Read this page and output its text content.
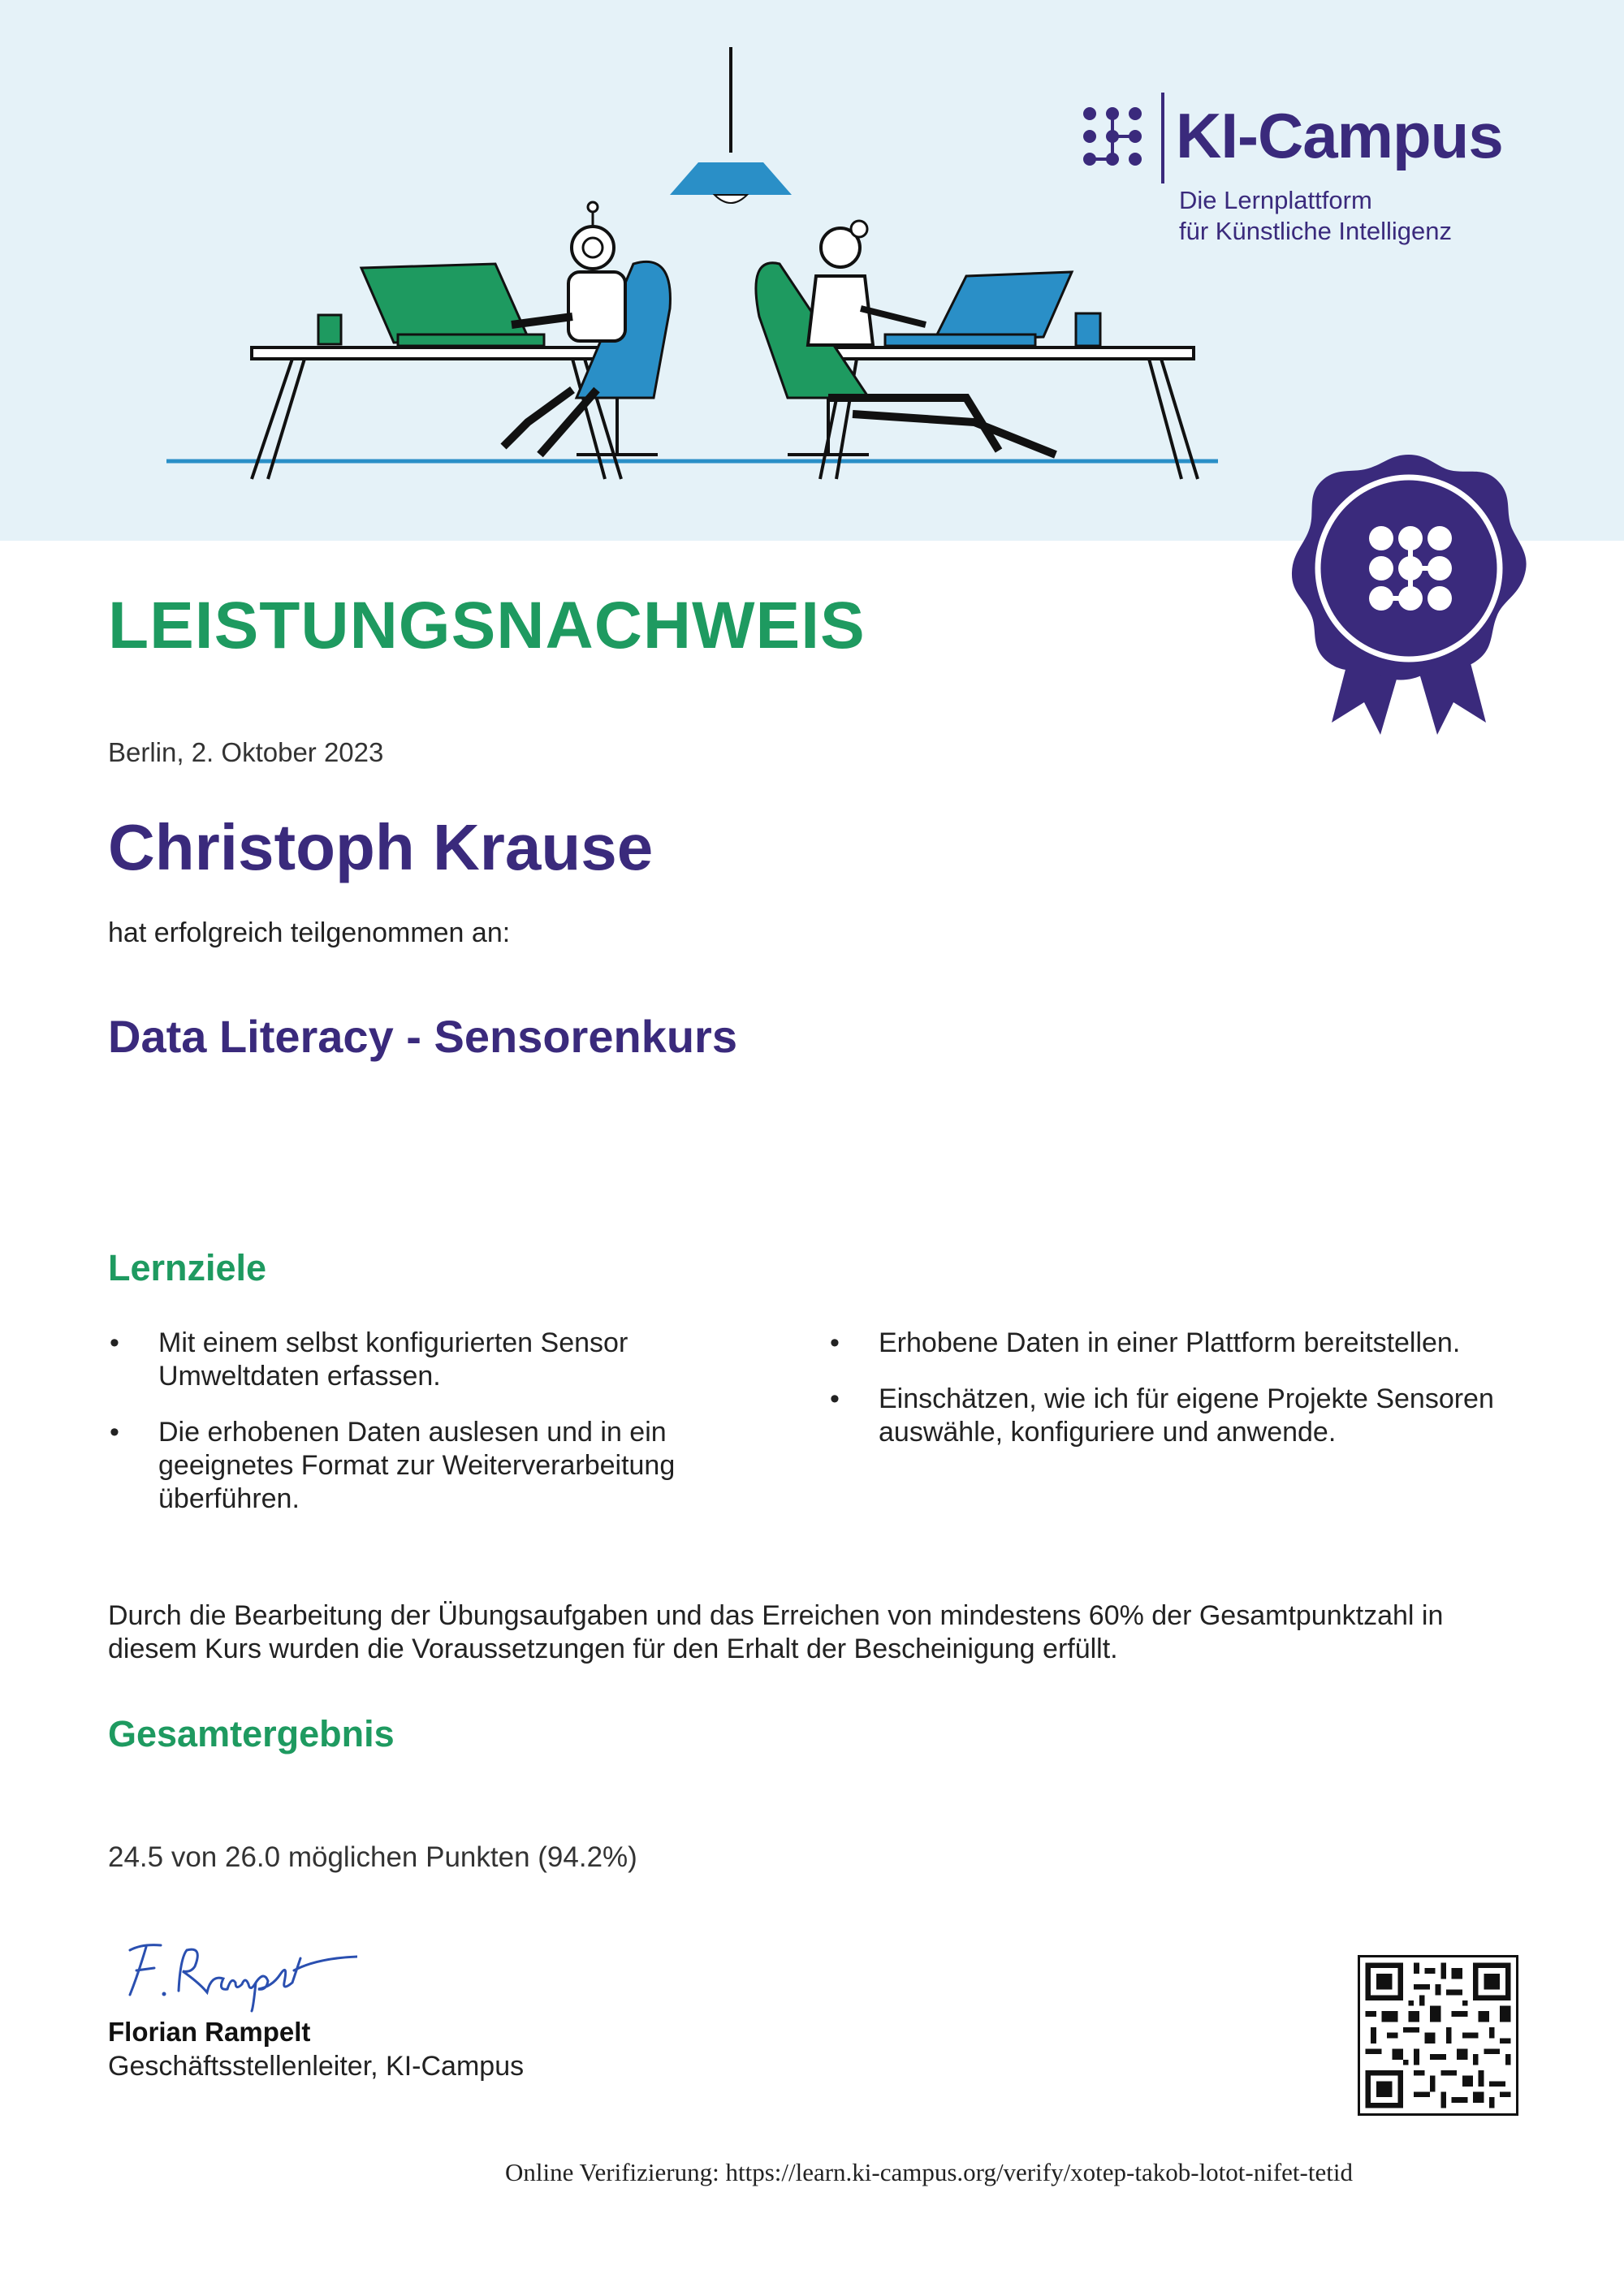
KI-Campus
Die Lernplattform
für Künstliche Intelligenz
LEISTUNGSNACHWEIS
Berlin, 2. Oktober 2023
Christoph Krause
hat erfolgreich teilgenommen an:
Data Literacy - Sensorenkurs
Lernziele
• Mit einem selbst konfigurierten Sensor Umweltdaten erfassen.
• Die erhobenen Daten auslesen und in ein geeignetes Format zur Weiterverarbeitung überführen.
• Erhobene Daten in einer Plattform bereitstellen.
• Einschätzen, wie ich für eigene Projekte Sensoren auswähle, konfiguriere und anwende.
Durch die Bearbeitung der Übungsaufgaben und das Erreichen von mindestens 60% der Gesamtpunktzahl in diesem Kurs wurden die Voraussetzungen für den Erhalt der Bescheinigung erfüllt.
Gesamtergebnis
24.5 von 26.0 möglichen Punkten (94.2%)
Florian Rampelt
Geschäftsstellenleiter, KI-Campus
Online Verifizierung: https://learn.ki-campus.org/verify/xotep-takob-lotot-nifet-tetid
